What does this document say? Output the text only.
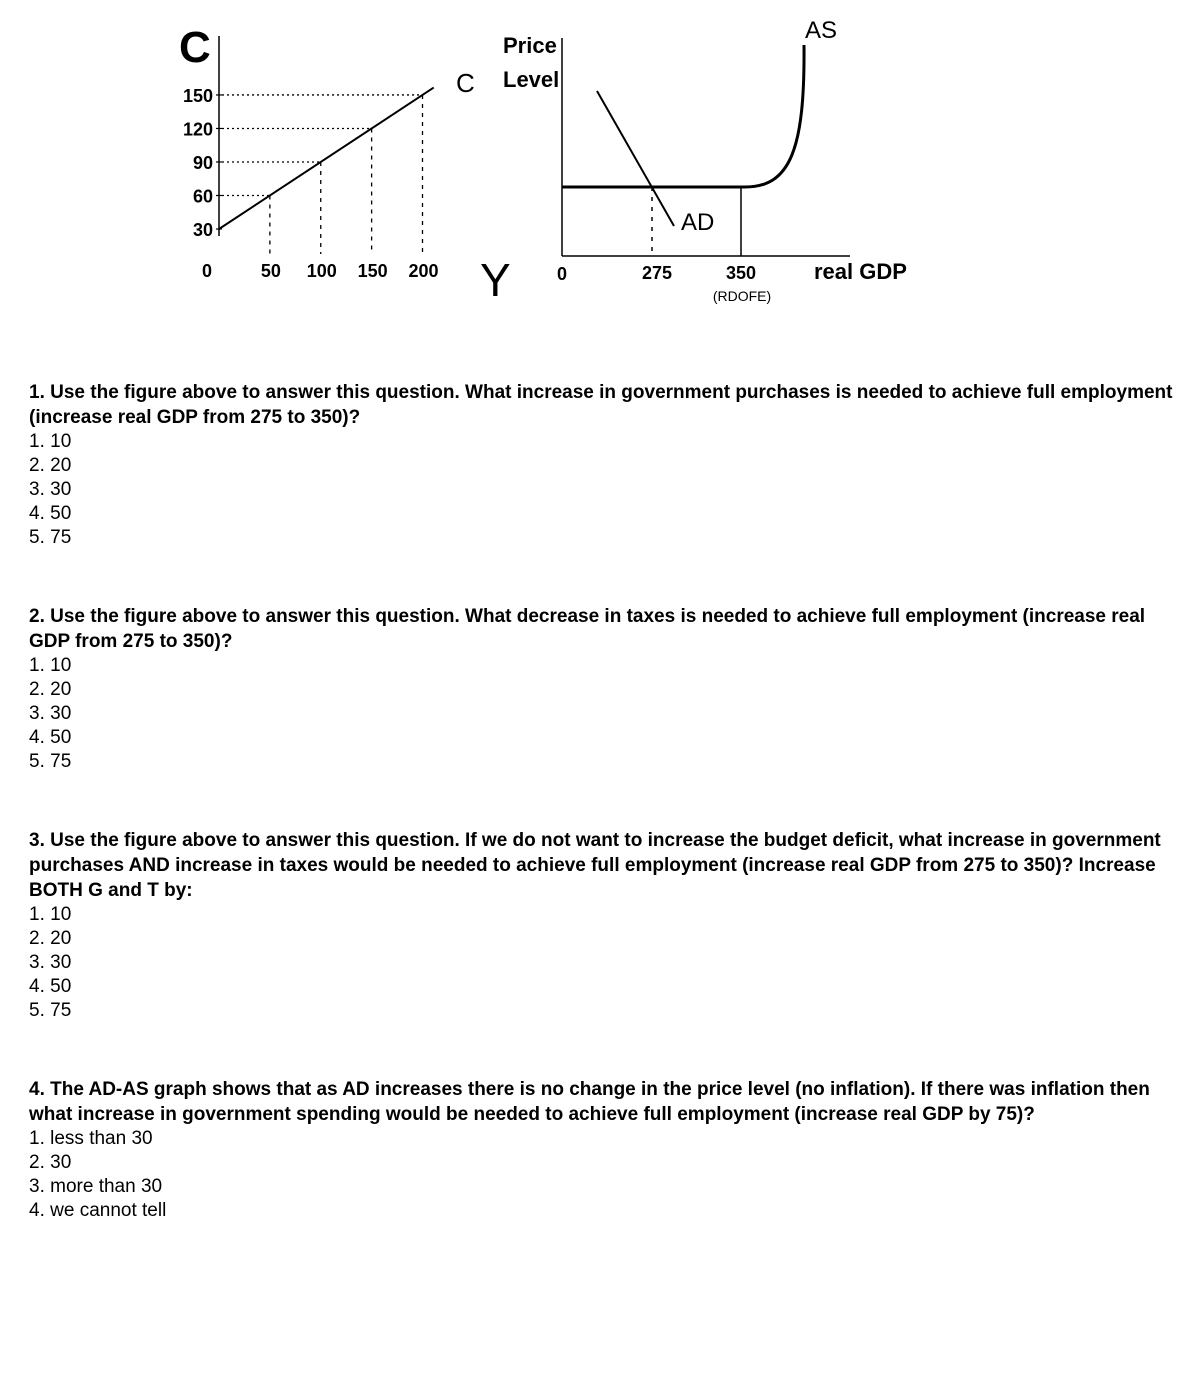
C
150
120
90
60
30
50 100 150 200
C
0	Y
Price
Level
AD
AS
0	275	350
(RDOFE)
real GDP

1. Use the figure above to answer this question. What increase in government purchases is needed to achieve full employment (increase real GDP from 275 to 350)?

1. 10
2. 20
3. 30
4. 50
5. 75

2. Use the figure above to answer this question. What decrease in taxes is needed to achieve full employment (increase real GDP from 275 to 350)?

1. 10
2. 20
3. 30
4. 50
5. 75

3. Use the figure above to answer this question. If we do not want to increase the budget deficit, what increase in government purchases AND increase in taxes would be needed to achieve full employment (increase real GDP from 275 to 350)? Increase BOTH G and T by:

1. 10
2. 20
3. 30
4. 50
5. 75

4. The AD-AS graph shows that as AD increases there is no change in the price level (no inflation). If there was inflation then what increase in government spending would be needed to achieve full employment (increase real GDP by 75)?

1. less than 30
2. 30
3. more than 30
4. we cannot tell
